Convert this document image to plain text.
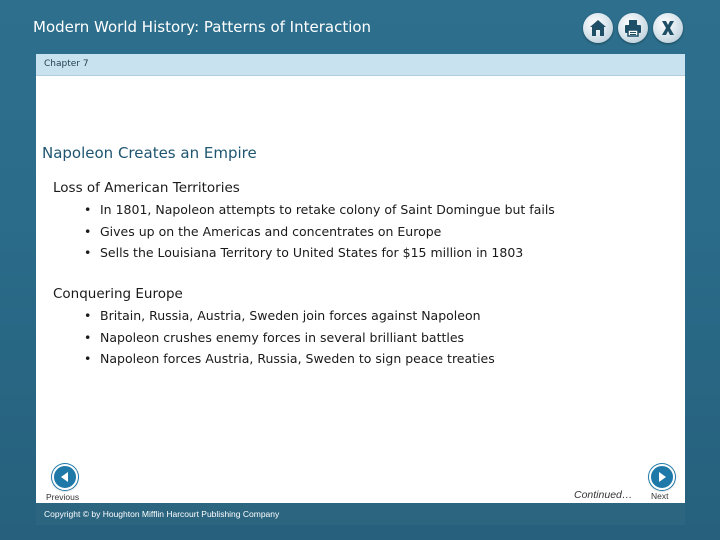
Modern World History: Patterns of Interaction
Chapter 7
Napoleon Creates an Empire
Loss of American Territories
• In 1801, Napoleon attempts to retake colony of Saint Domingue but fails
• Gives up on the Americas and concentrates on Europe
• Sells the Louisiana Territory to United States for $15 million in 1803
Conquering Europe
• Britain, Russia, Austria, Sweden join forces against Napoleon
• Napoleon crushes enemy forces in several brilliant battles
• Napoleon forces Austria, Russia, Sweden to sign peace treaties
Previous	Continued… Next
Copyright © by Houghton Mifflin Harcourt Publishing Company
